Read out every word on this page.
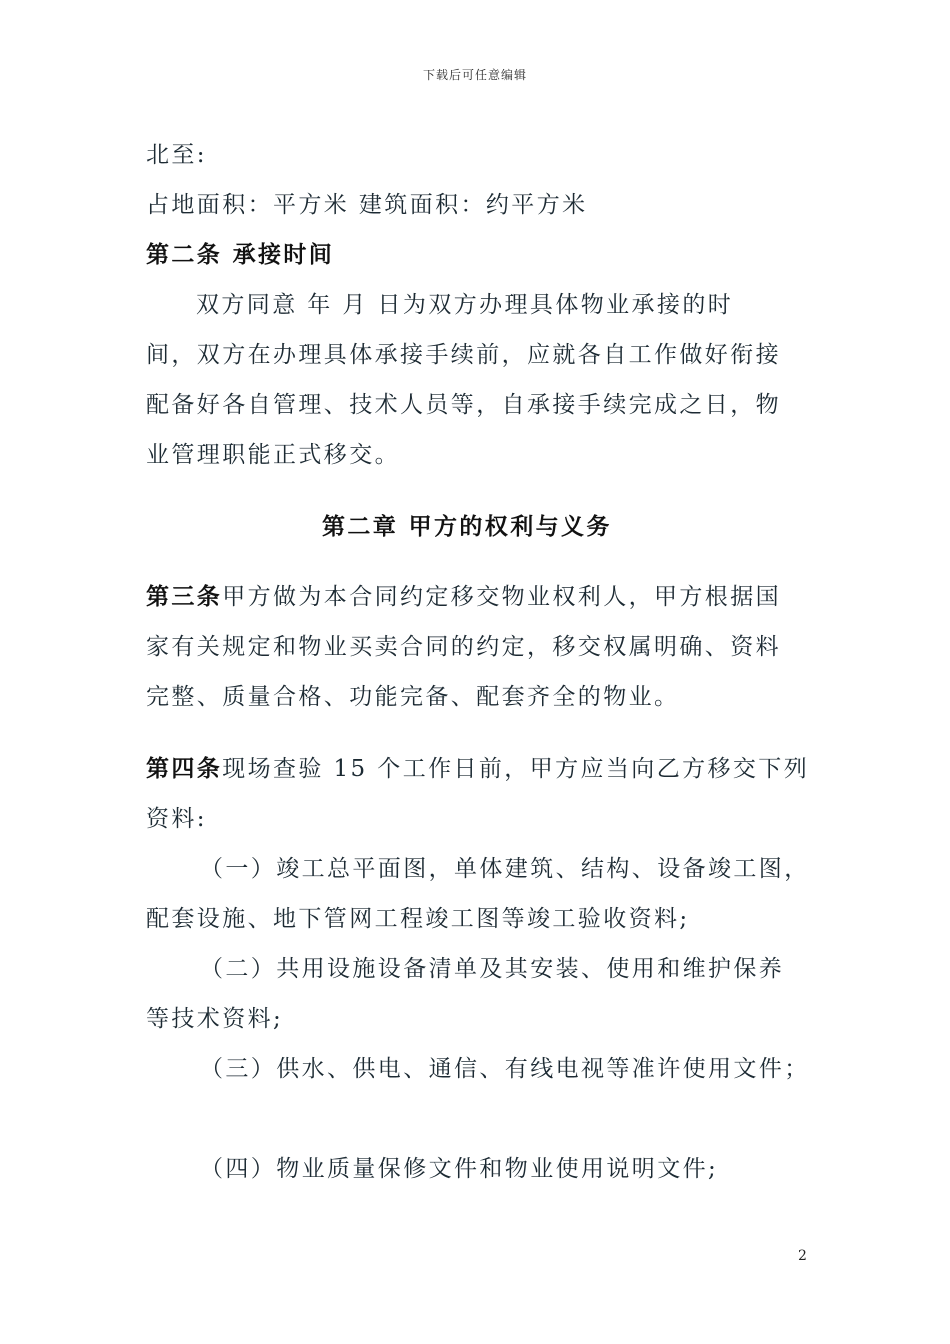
下载后可任意编辑
北至:
占地面积：平方米 建筑面积：约平方米
第二条 承接时间
双方同意 年 月 日为双方办理具体物业承接的时
间，双方在办理具体承接手续前，应就各自工作做好衔接
配备好各自管理、技术人员等，自承接手续完成之日，物
业管理职能正式移交。
第二章 甲方的权利与义务
第三条甲方做为本合同约定移交物业权利人，甲方根据国
家有关规定和物业买卖合同的约定，移交权属明确、资料
完整、质量合格、功能完备、配套齐全的物业。
第四条现场查验 15 个工作日前，甲方应当向乙方移交下列
资料:
（一）竣工总平面图，单体建筑、结构、设备竣工图，
配套设施、地下管网工程竣工图等竣工验收资料;
（二）共用设施设备清单及其安装、使用和维护保养
等技术资料;
（三）供水、供电、通信、有线电视等准许使用文件；
（四）物业质量保修文件和物业使用说明文件;
2
